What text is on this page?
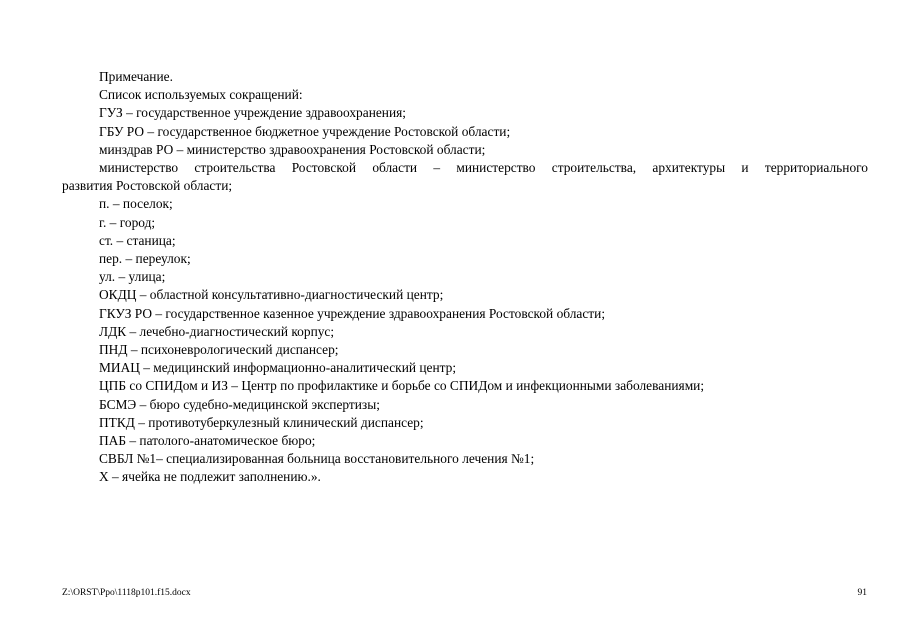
Примечание.
Список используемых сокращений:
ГУЗ – государственное учреждение здравоохранения;
ГБУ РО – государственное бюджетное учреждение Ростовской области;
минздрав РО – министерство здравоохранения Ростовской области;
министерство строительства Ростовской области – министерство строительства, архитектуры и территориального
развития Ростовской области;
п. – поселок;
г. – город;
ст. – станица;
пер. – переулок;
ул. – улица;
ОКДЦ – областной консультативно-диагностический центр;
ГКУЗ РО – государственное казенное учреждение здравоохранения Ростовской области;
ЛДК – лечебно-диагностический корпус;
ПНД – психоневрологический диспансер;
МИАЦ – медицинский информационно-аналитический центр;
ЦПБ со СПИДом и ИЗ – Центр по профилактике и борьбе со СПИДом и инфекционными заболеваниями;
БСМЭ – бюро судебно-медицинской экспертизы;
ПТКД – противотуберкулезный клинический диспансер;
ПАБ – патолого-анатомическое бюро;
СВБЛ №1– специализированная больница восстановительного лечения №1;
Х – ячейка не подлежит заполнению.».
Z:\ORST\Ppo\1118p101.f15.docx	91
